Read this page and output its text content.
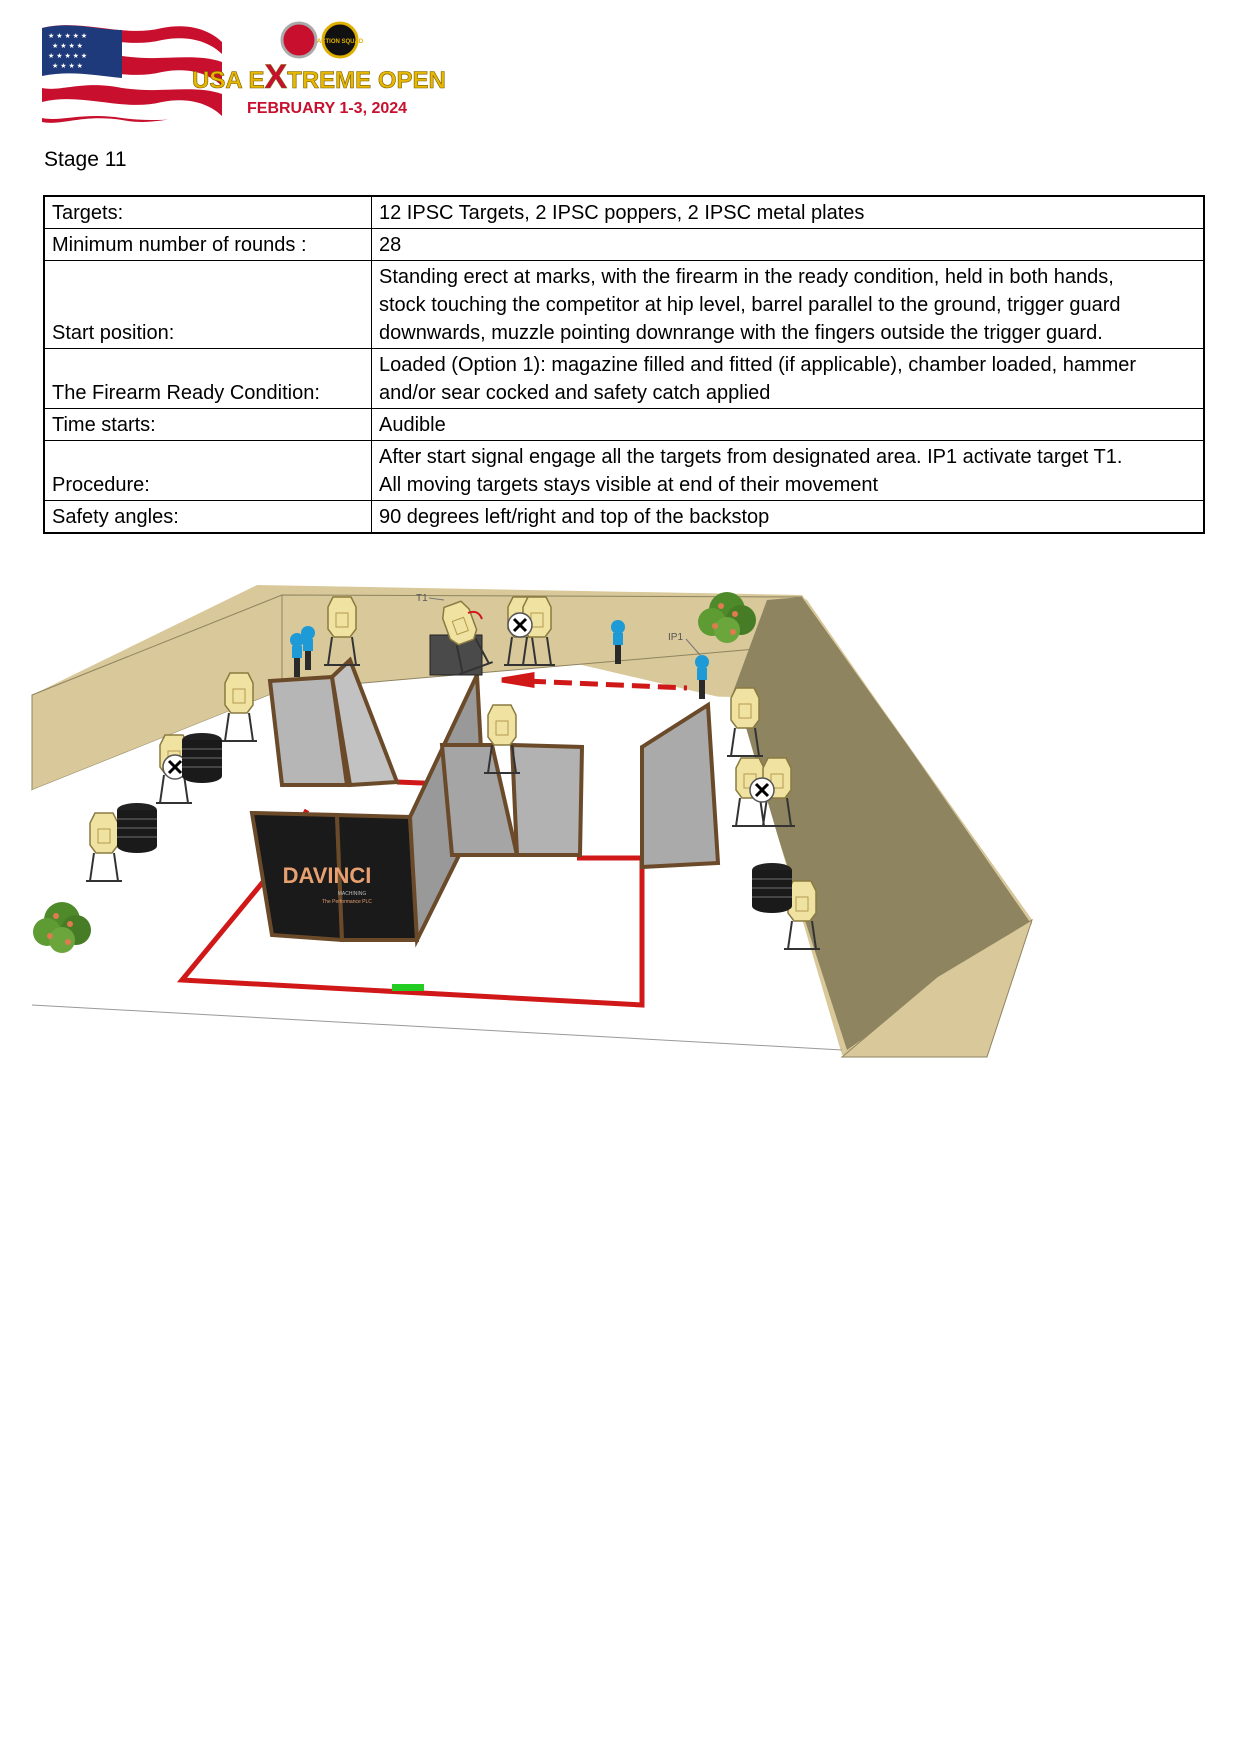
★ ★ ★ ★ ★
★ ★ ★ ★
★ ★ ★ ★ ★
★ ★ ★ ★
ACTION SQUAD
USA EXTREME OPEN
FEBRUARY 1-3, 2024
Stage 11
Targets:	12 IPSC Targets, 2 IPSC poppers, 2 IPSC metal plates
Minimum number of rounds :	28
Start position:	Standing erect at marks, with the firearm in the ready condition, held in both hands,
stock touching the competitor at hip level, barrel parallel to the ground, trigger guard
downwards, muzzle pointing downrange with the fingers outside the trigger guard.
The Firearm Ready Condition:	Loaded (Option 1): magazine filled and fitted (if applicable), chamber loaded, hammer
and/or sear cocked and safety catch applied
Time starts:	Audible
Procedure:	After start signal engage all the targets from designated area. IP1 activate target T1.
All moving targets stays visible at end of their movement
Safety angles:	90 degrees left/right and top of the backstop
DAVINCI
MACHINING
The Performance PLC
T1
IP1
